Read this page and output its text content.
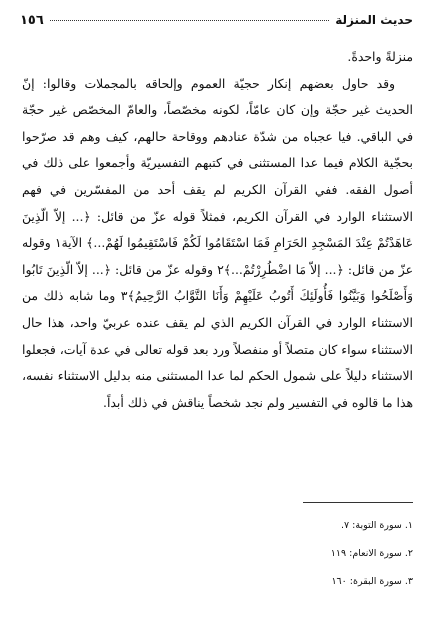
١٥٦	حديث المنزلة

منزلةً واحدةً.

وقد حاول بعضهم إنكار حجيّة العموم وإلحاقه بالمجملات وقالوا: إنّ الحديث غير حجّة وإن كان عامّاً، لكونه مخصّصاً، والعامّ المخصّص غير حجّة في الباقي. فيا عجباه من شدّة عنادهم ووقاحة حالهم، كيف وهم قد صرّحوا بحجّية الكلام فيما عدا المستثنى في كتبهم التفسيريّة وأجمعوا على ذلك في أصول الفقه. ففي القرآن الكريم لم يقف أحد من المفسّرين في فهم الاستثناء الوارد في القرآن الكريم، فمثلاً قوله عزّ من قائل: ﴿... إلاّ الّذِينَ عَاهَدْتُمْ عِنْدَ المَسْجِدِ الحَرَامِ فَمَا اسْتَقَامُوا لَكُمْ فَاسْتَقِيمُوا لَهُمْ...﴾ الآية١ وقوله عزّ من قائل: ﴿... إلاّ مَا اضْطُرِرْتُمْ...﴾٢ وقوله عزّ من قائل: ﴿... إلاّ الّذِينَ تَابُوا وَأَصْلَحُوا وَبَيَّنُوا فَأُولَئِكَ أَتُوبُ عَلَيْهِمْ وَأَنَا التَّوَّابُ الرَّحِيمُ﴾٣ وما شابه ذلك من الاستثناء الوارد في القرآن الكريم الذي لم يقف عنده عربيّ واحد، هذا حال الاستثناء سواء كان متصلاً أو منفصلاً ورد بعد قوله تعالى في عدة آيات، فجعلوا الاستثناء دليلاً على شمول الحكم لما عدا المستثنى منه بدليل الاستثناء نفسه، هذا ما قالوه في التفسير ولم نجد شخصاً يناقش في ذلك أبداً.

١. سورة التوبة: ٧.
٢. سورة الانعام: ١١٩
٣. سورة البقرة: ١٦٠
